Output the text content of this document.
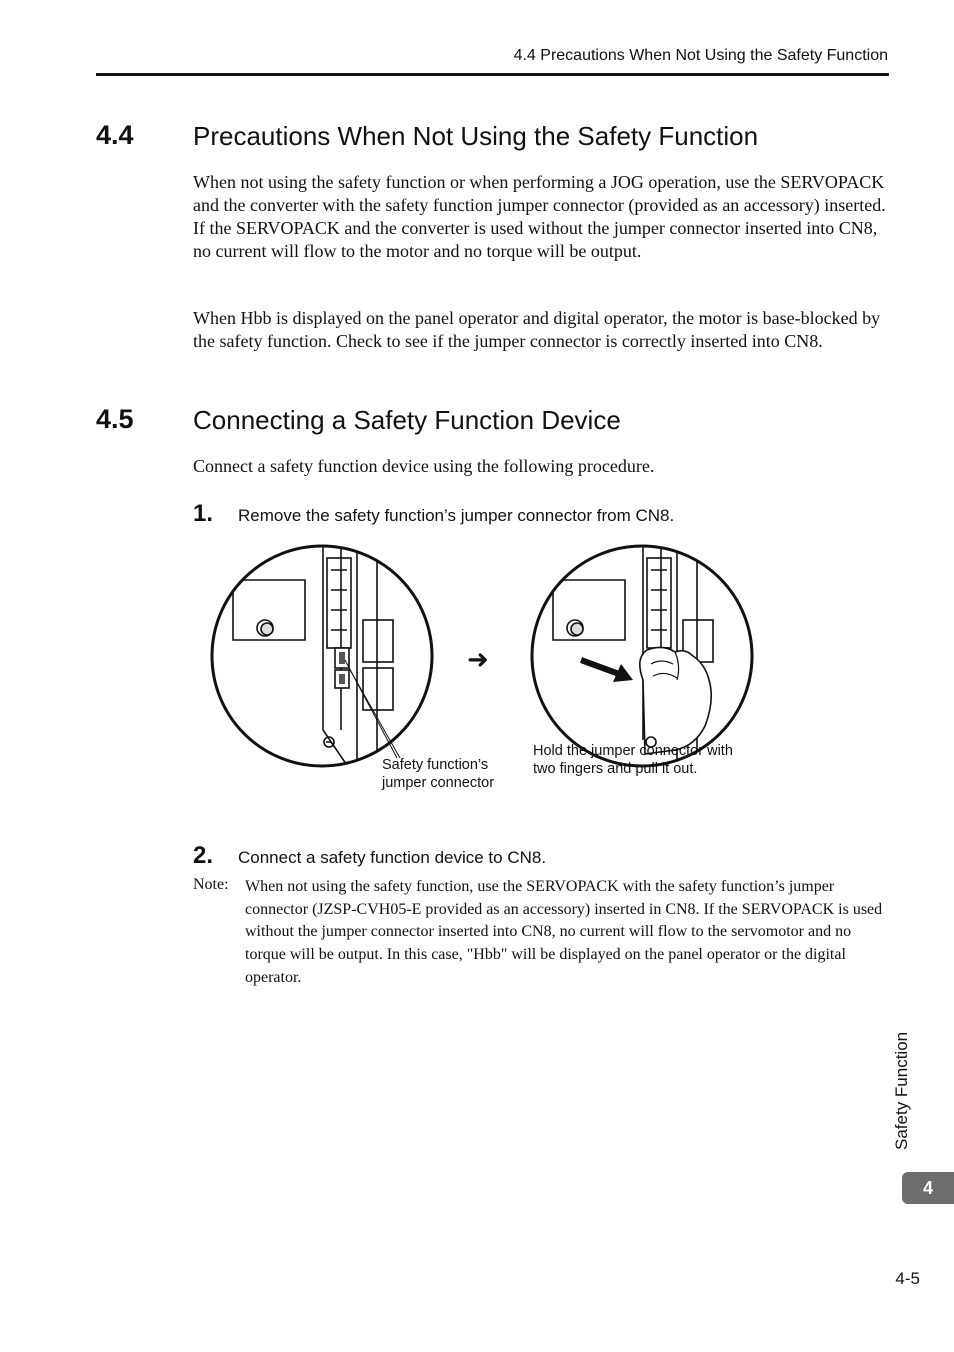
4.4 Precautions When Not Using the Safety Function
4.4 Precautions When Not Using the Safety Function
When not using the safety function or when performing a JOG operation, use the SERVOPACK and the converter with the safety function jumper connector (provided as an accessory) inserted. If the SERVOPACK and the converter is used without the jumper connector inserted into CN8, no current will flow to the motor and no torque will be output.
When Hbb is displayed on the panel operator and digital operator, the motor is base-blocked by the safety function. Check to see if the jumper connector is correctly inserted into CN8.
4.5 Connecting a Safety Function Device
Connect a safety function device using the following procedure.
1. Remove the safety function’s jumper connector from CN8.
➜
Safety function’s
jumper connector
Hold the jumper connector with
two fingers and pull it out.
2. Connect a safety function device to CN8.
Note: When not using the safety function, use the SERVOPACK with the safety function’s jumper connector (JZSP-CVH05-E provided as an accessory) inserted in CN8. If the SERVOPACK is used without the jumper connector inserted into CN8, no current will flow to the servomotor and no torque will be output. In this case, "Hbb" will be displayed on the panel operator or the digital operator.
Safety Function
4
4-5
